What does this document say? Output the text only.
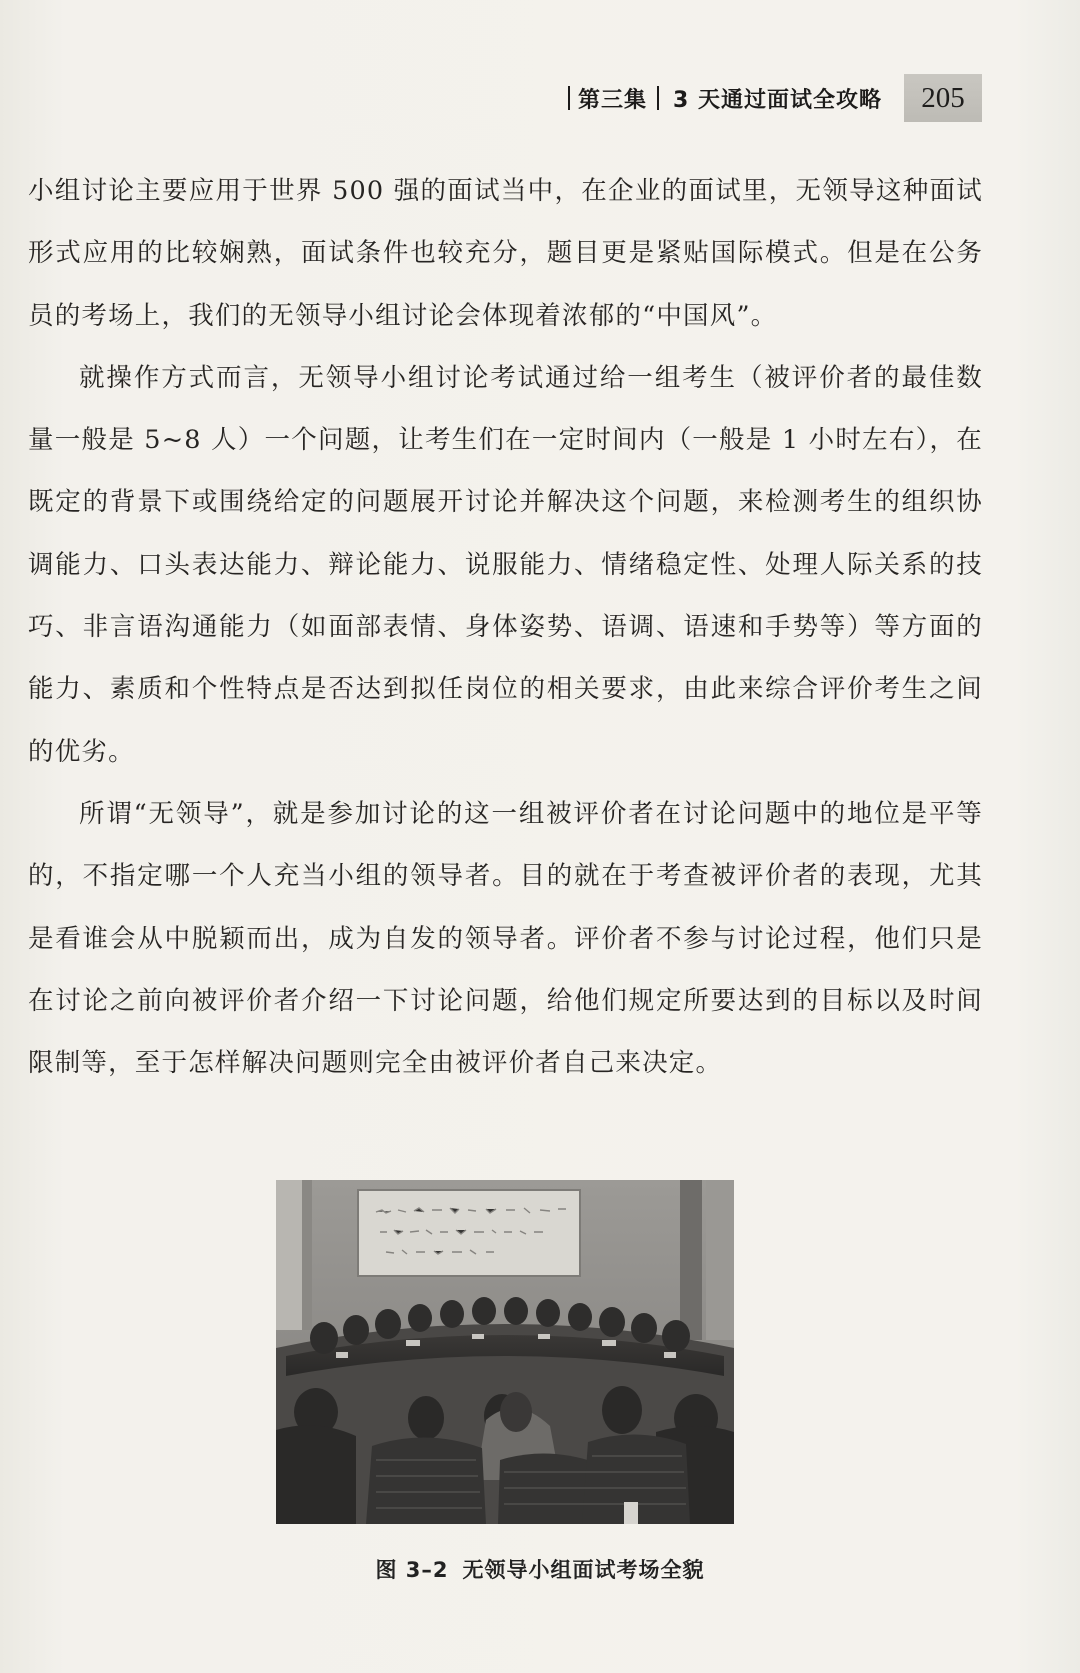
第三集 3 天通过面试全攻略	205

小组讨论主要应用于世界 500 强的面试当中，在企业的面试里，无领导这种面试形式应用的比较娴熟，面试条件也较充分，题目更是紧贴国际模式。但是在公务员的考场上，我们的无领导小组讨论会体现着浓郁的“中国风”。

就操作方式而言，无领导小组讨论考试通过给一组考生（被评价者的最佳数量一般是 5~8 人）一个问题，让考生们在一定时间内（一般是 1 小时左右），在既定的背景下或围绕给定的问题展开讨论并解决这个问题，来检测考生的组织协调能力、口头表达能力、辩论能力、说服能力、情绪稳定性、处理人际关系的技巧、非言语沟通能力（如面部表情、身体姿势、语调、语速和手势等）等方面的能力、素质和个性特点是否达到拟任岗位的相关要求，由此来综合评价考生之间的优劣。

所谓“无领导”，就是参加讨论的这一组被评价者在讨论问题中的地位是平等的，不指定哪一个人充当小组的领导者。目的就在于考查被评价者的表现，尤其是看谁会从中脱颖而出，成为自发的领导者。评价者不参与讨论过程，他们只是在讨论之前向被评价者介绍一下讨论问题，给他们规定所要达到的目标以及时间限制等，至于怎样解决问题则完全由被评价者自己来决定。

图 3–2 无领导小组面试考场全貌
